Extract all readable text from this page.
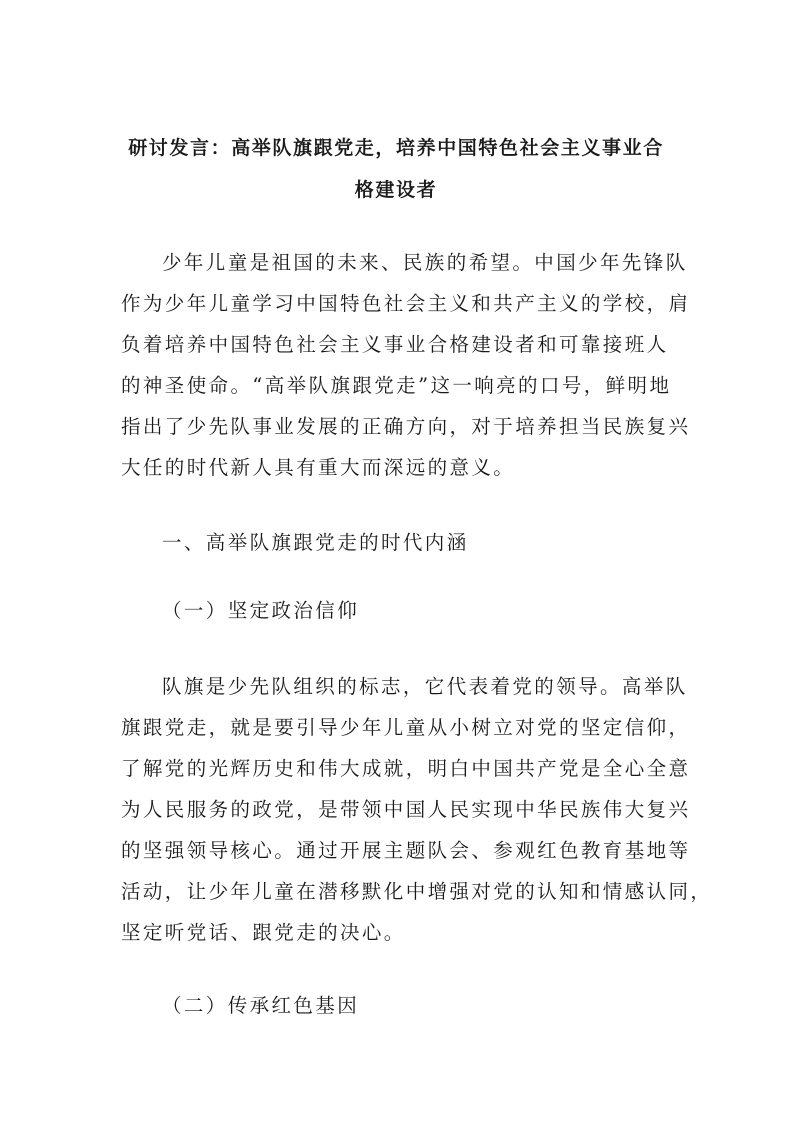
研讨发言：高举队旗跟党走，培养中国特色社会主义事业合
格建设者
少年儿童是祖国的未来、民族的希望。中国少年先锋队
作为少年儿童学习中国特色社会主义和共产主义的学校，肩
负着培养中国特色社会主义事业合格建设者和可靠接班人
的神圣使命。“高举队旗跟党走”这一响亮的口号，鲜明地
指出了少先队事业发展的正确方向，对于培养担当民族复兴
大任的时代新人具有重大而深远的意义。
一、高举队旗跟党走的时代内涵
（一）坚定政治信仰
队旗是少先队组织的标志，它代表着党的领导。高举队
旗跟党走，就是要引导少年儿童从小树立对党的坚定信仰，
了解党的光辉历史和伟大成就，明白中国共产党是全心全意
为人民服务的政党，是带领中国人民实现中华民族伟大复兴
的坚强领导核心。通过开展主题队会、参观红色教育基地等
活动，让少年儿童在潜移默化中增强对党的认知和情感认同，
坚定听党话、跟党走的决心。
（二）传承红色基因
